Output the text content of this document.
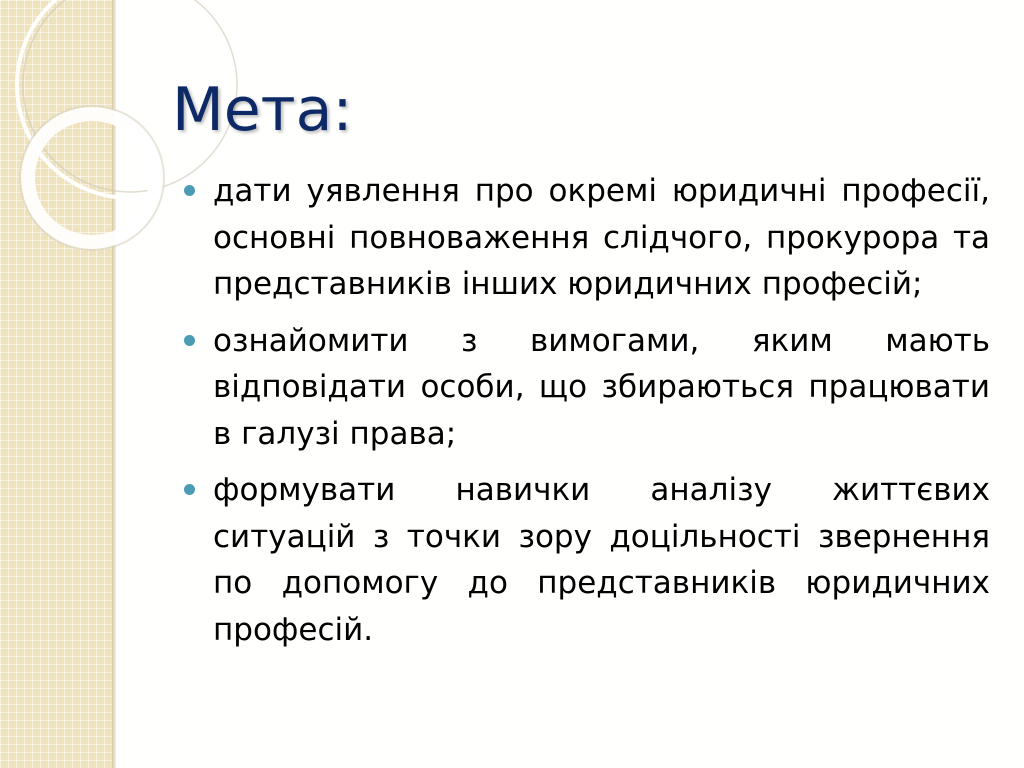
Мета:
дати уявлення про окремі юридичні професії, основні повноваження слідчого, прокурора та представників інших юридичних професій;
ознайомити з вимогами, яким мають відповідати особи, що збираються працювати в галузі права;
формувати навички аналізу життєвих ситуацій з точки зору доцільності звернення по допомогу до представників юридичних професій.
